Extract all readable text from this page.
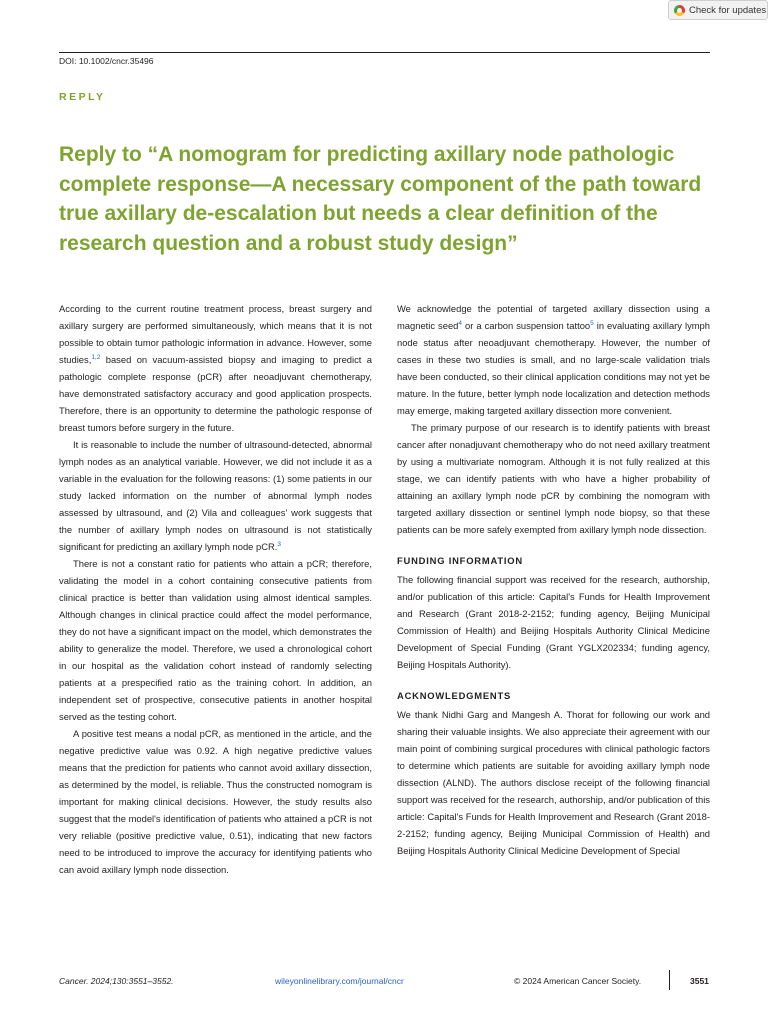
Check for updates
DOI: 10.1002/cncr.35496
REPLY
Reply to “A nomogram for predicting axillary node pathologic complete response—A necessary component of the path toward true axillary de-escalation but needs a clear definition of the research question and a robust study design”

According to the current routine treatment process, breast surgery and axillary surgery are performed simultaneously, which means that it is not possible to obtain tumor pathologic information in advance. However, some studies,$^{1,2}$ based on vacuum-assisted biopsy and imaging to predict a pathologic complete response (pCR) after neoadjuvant chemotherapy, have demonstrated satisfactory accuracy and good application prospects. Therefore, there is an opportunity to determine the pathologic response of breast tumors before surgery in the future.

It is reasonable to include the number of ultrasound-detected, abnormal lymph nodes as an analytical variable. However, we did not include it as a variable in the evaluation for the following reasons: (1) some patients in our study lacked information on the number of abnormal lymph nodes assessed by ultrasound, and (2) Vila and colleagues' work suggests that the number of axillary lymph nodes on ultrasound is not statistically significant for predicting an axillary lymph node pCR.$^3$

There is not a constant ratio for patients who attain a pCR; therefore, validating the model in a cohort containing consecutive patients from clinical practice is better than validation using almost identical samples. Although changes in clinical practice could affect the model performance, they do not have a significant impact on the model, which demonstrates the ability to generalize the model. Therefore, we used a chronological cohort in our hospital as the validation cohort instead of randomly selecting patients at a prespecified ratio as the training cohort. In addition, an independent set of prospective, consecutive patients in another hospital served as the testing cohort.

A positive test means a nodal pCR, as mentioned in the article, and the negative predictive value was 0.92. A high negative predictive values means that the prediction for patients who cannot avoid axillary dissection, as determined by the model, is reliable. Thus the constructed nomogram is important for making clinical decisions. However, the study results also suggest that the model's identification of patients who attained a pCR is not very reliable (positive predictive value, 0.51), indicating that new factors need to be introduced to improve the accuracy for identifying patients who can avoid axillary lymph node dissection.

We acknowledge the potential of targeted axillary dissection using a magnetic seed$^4$ or a carbon suspension tattoo$^5$ in evaluating axillary lymph node status after neoadjuvant chemotherapy. However, the number of cases in these two studies is small, and no large-scale validation trials have been conducted, so their clinical application conditions may not yet be mature. In the future, better lymph node localization and detection methods may emerge, making targeted axillary dissection more convenient.

The primary purpose of our research is to identify patients with breast cancer after nonadjuvant chemotherapy who do not need axillary treatment by using a multivariate nomogram. Although it is not fully realized at this stage, we can identify patients with who have a higher probability of attaining an axillary lymph node pCR by combining the nomogram with targeted axillary dissection or sentinel lymph node biopsy, so that these patients can be more safely exempted from axillary lymph node dissection.

FUNDING INFORMATION

The following financial support was received for the research, authorship, and/or publication of this article: Capital's Funds for Health Improvement and Research (Grant 2018-2-2152; funding agency, Beijing Municipal Commission of Health) and Beijing Hospitals Authority Clinical Medicine Development of Special Funding (Grant YGLX202334; funding agency, Beijing Hospitals Authority).

ACKNOWLEDGMENTS

We thank Nidhi Garg and Mangesh A. Thorat for following our work and sharing their valuable insights. We also appreciate their agreement with our main point of combining surgical procedures with clinical pathologic factors to determine which patients are suitable for avoiding axillary lymph node dissection (ALND). The authors disclose receipt of the following financial support was received for the research, authorship, and/or publication of this article: Capital's Funds for Health Improvement and Research (Grant 2018-2-2152; funding agency, Beijing Municipal Commission of Health) and Beijing Hospitals Authority Clinical Medicine Development of Special

Cancer. 2024;130:3551–3552.	wileyonlinelibrary.com/journal/cncr	© 2024 American Cancer Society.	3551
